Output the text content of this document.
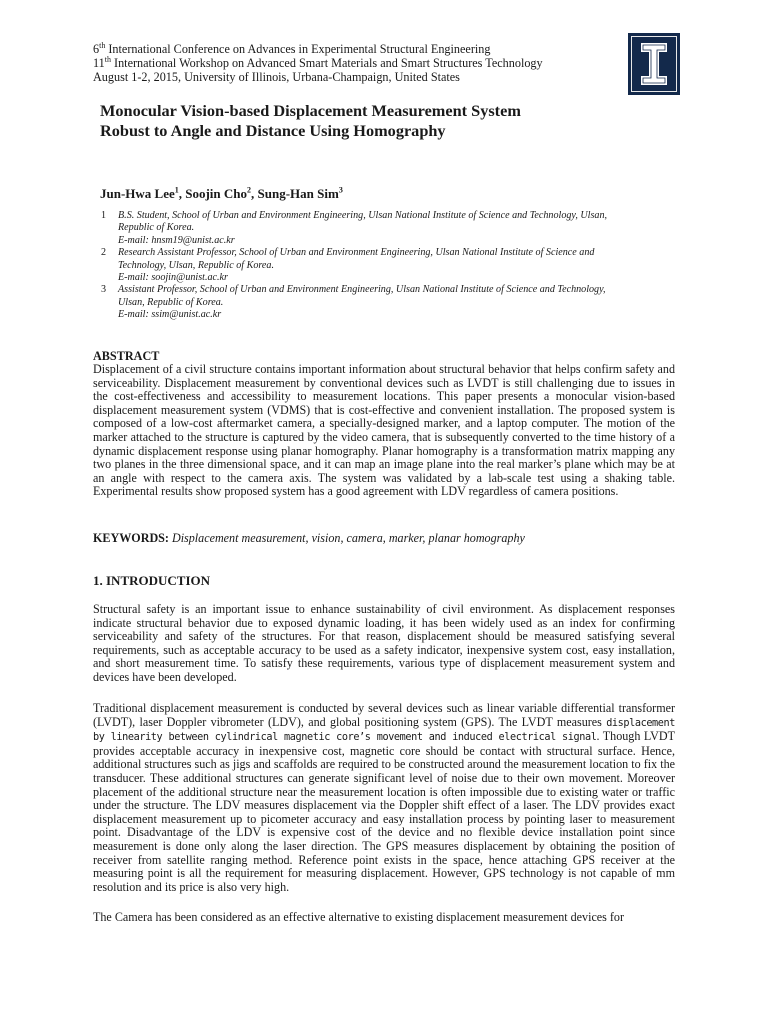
6th International Conference on Advances in Experimental Structural Engineering
11th International Workshop on Advanced Smart Materials and Smart Structures Technology
August 1-2, 2015, University of Illinois, Urbana-Champaign, United States
Monocular Vision-based Displacement Measurement System
Robust to Angle and Distance Using Homography
Jun-Hwa Lee$^1$, Soojin Cho$^2$, Sung-Han Sim$^3$
1	B.S. Student, School of Urban and Environment Engineering, Ulsan National Institute of Science and Technology, Ulsan,
Republic of Korea.
E-mail: hnsm19@unist.ac.kr
2	Research Assistant Professor, School of Urban and Environment Engineering, Ulsan National Institute of Science and
Technology, Ulsan, Republic of Korea.
E-mail: soojin@unist.ac.kr
3	Assistant Professor, School of Urban and Environment Engineering, Ulsan National Institute of Science and Technology,
Ulsan, Republic of Korea.
E-mail: ssim@unist.ac.kr
ABSTRACT

Displacement of a civil structure contains important information about structural behavior that helps confirm safety and serviceability. Displacement measurement by conventional devices such as LVDT is still challenging due to issues in the cost-effectiveness and accessibility to measurement locations. This paper presents a monocular vision-based displacement measurement system (VDMS) that is cost-effective and convenient installation. The proposed system is composed of a low-cost aftermarket camera, a specially-designed marker, and a laptop computer. The motion of the marker attached to the structure is captured by the video camera, that is subsequently converted to the time history of a dynamic displacement response using planar homography. Planar homography is a transformation matrix mapping any two planes in the three dimensional space, and it can map an image plane into the real marker’s plane which may be at an angle with respect to the camera axis. The system was validated by a lab-scale test using a shaking table. Experimental results show proposed system has a good agreement with LDV regardless of camera positions.

KEYWORDS: Displacement measurement, vision, camera, marker, planar homography
1. INTRODUCTION

Structural safety is an important issue to enhance sustainability of civil environment. As displacement responses indicate structural behavior due to exposed dynamic loading, it has been widely used as an index for confirming serviceability and safety of the structures. For that reason, displacement should be measured satisfying several requirements, such as acceptable accuracy to be used as a safety indicator, inexpensive system cost, easy installation, and short measurement time. To satisfy these requirements, various type of displacement measurement system and devices have been developed.

Traditional displacement measurement is conducted by several devices such as linear variable differential transformer (LVDT), laser Doppler vibrometer (LDV), and global positioning system (GPS). The LVDT measures displacement by linearity between cylindrical magnetic core’s movement and induced electrical signal. Though LVDT provides acceptable accuracy in inexpensive cost, magnetic core should be contact with structural surface. Hence, additional structures such as jigs and scaffolds are required to be constructed around the measurement location to fix the transducer. These additional structures can generate significant level of noise due to their own movement. Moreover placement of the additional structure near the measurement location is often impossible due to existing water or traffic under the structure. The LDV measures displacement via the Doppler shift effect of a laser. The LDV provides exact displacement measurement up to picometer accuracy and easy installation process by pointing laser to measurement point. Disadvantage of the LDV is expensive cost of the device and no flexible device installation point since measurement is done only along the laser direction. The GPS measures displacement by obtaining the position of receiver from satellite ranging method. Reference point exists in the space, hence attaching GPS receiver at the measuring point is all the requirement for measuring displacement. However, GPS technology is not capable of mm resolution and its price is also very high.

The Camera has been considered as an effective alternative to existing displacement measurement devices for
